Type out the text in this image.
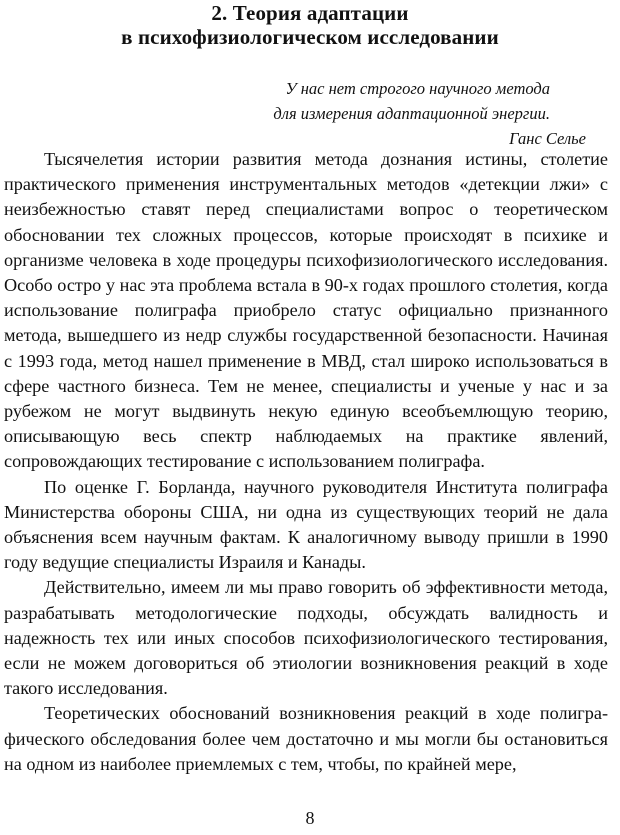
2. Теория адаптации
в психофизиологическом исследовании
У нас нет строгого научного метода
для измерения адаптационной энергии.
Ганс Селье

Тысячелетия истории развития метода дознания истины, столетие практического применения инструментальных методов «детекции лжи» с неизбежностью ставят перед специалистами вопрос о теоретическом обосновании тех сложных процессов, которые происходят в психике и организме человека в ходе процедуры психофизиологического исследования. Особо остро у нас эта проблема встала в 90-х годах прошлого столетия, когда использование полиграфа приобрело статус официально признанного метода, вышедшего из недр службы государственной безопасности. Начиная с 1993 года, метод нашел применение в МВД, стал широко использоваться в сфере частного бизнеса. Тем не менее, специалисты и ученые у нас и за рубежом не могут выдвинуть некую единую всеобъемлющую теорию, описывающую весь спектр наблюдаемых на практике явлений, сопровождающих тестирование с использованием полиграфа.

По оценке Г. Борланда, научного руководителя Института полиграфа Министерства обороны США, ни одна из существующих теорий не дала объяснения всем научным фактам. К аналогичному выводу пришли в 1990 году ведущие специалисты Израиля и Канады.

Действительно, имеем ли мы право говорить об эффективности метода, разрабатывать методологические подходы, обсуждать валидность и надежность тех или иных способов психофизиологического тестирования, если не можем договориться об этиологии возникновения реакций в ходе такого исследования.

Теоретических обоснований возникновения реакций в ходе полиграфического обследования более чем достаточно и мы могли бы остановиться на одном из наиболее приемлемых с тем, чтобы, по крайней мере,

8
